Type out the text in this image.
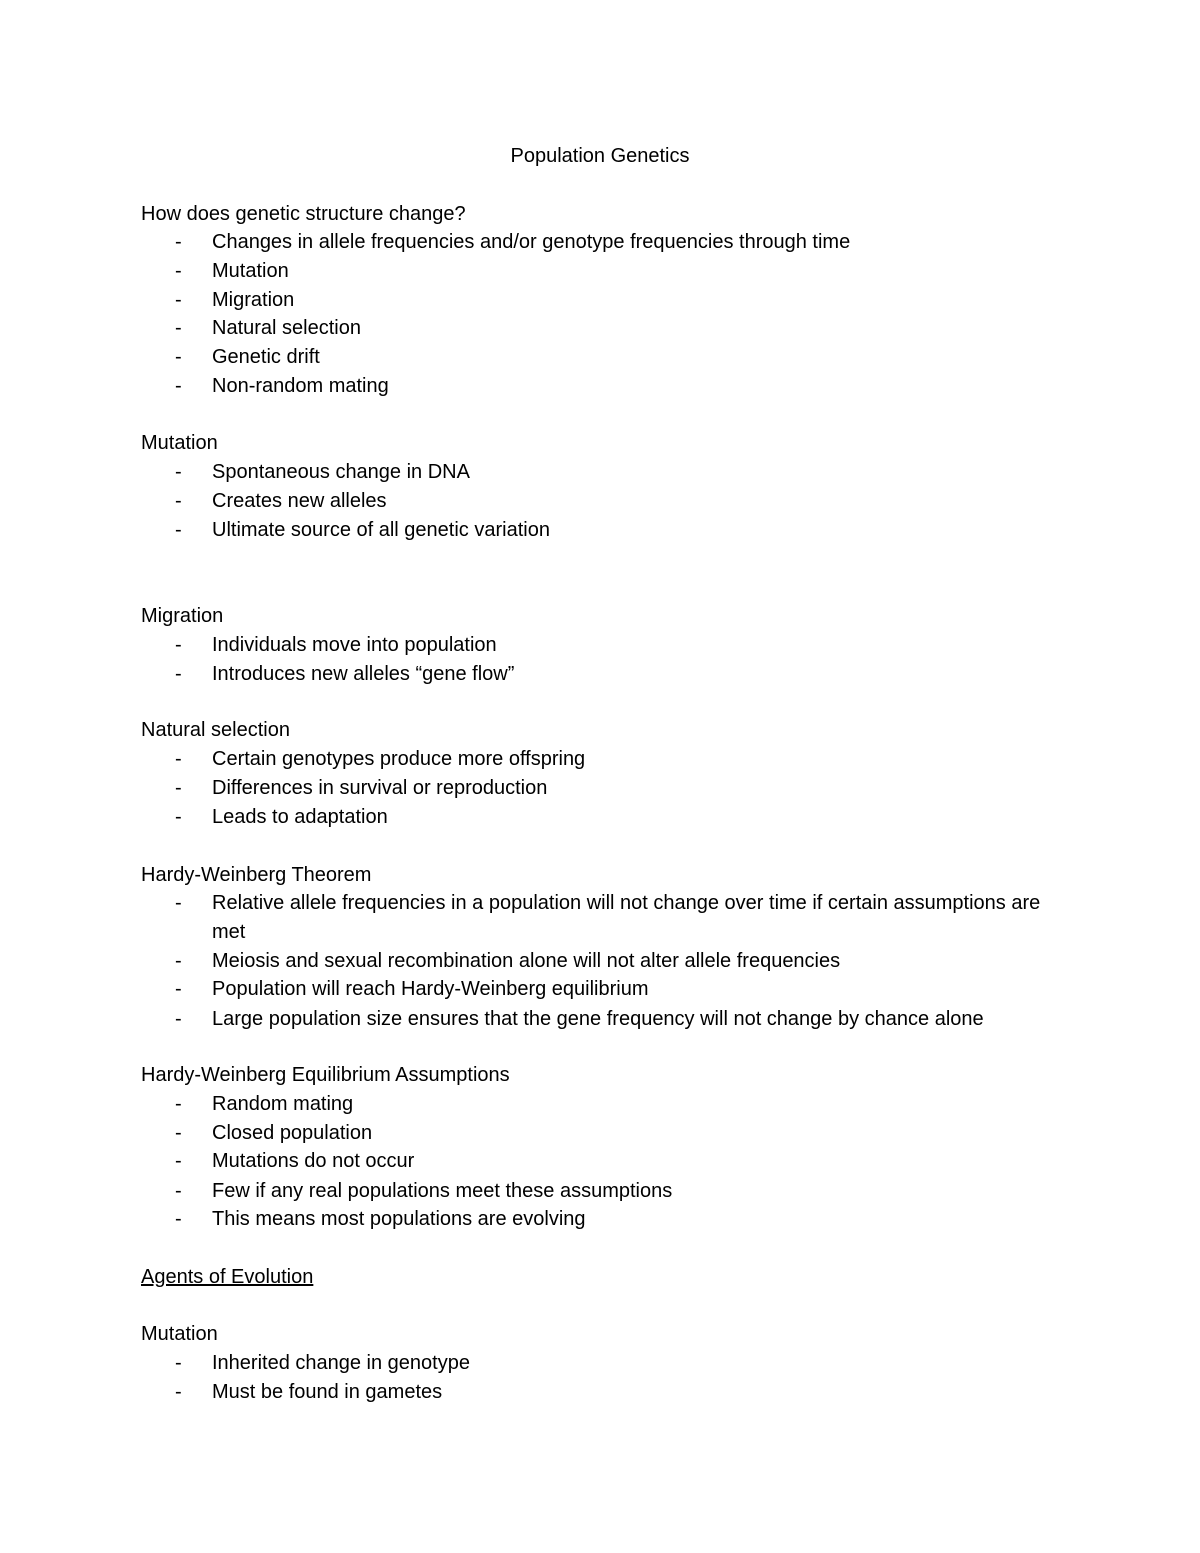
Population Genetics
How does genetic structure change?
- Changes in allele frequencies and/or genotype frequencies through time
- Mutation
- Migration
- Natural selection
- Genetic drift
- Non-random mating
Mutation
- Spontaneous change in DNA
- Creates new alleles
- Ultimate source of all genetic variation
Migration
- Individuals move into population
- Introduces new alleles “gene flow”
Natural selection
- Certain genotypes produce more offspring
- Differences in survival or reproduction
- Leads to adaptation
Hardy-Weinberg Theorem
- Relative allele frequencies in a population will not change over time if certain assumptions are met
- Meiosis and sexual recombination alone will not alter allele frequencies
- Population will reach Hardy-Weinberg equilibrium
- Large population size ensures that the gene frequency will not change by chance alone
Hardy-Weinberg Equilibrium Assumptions
- Random mating
- Closed population
- Mutations do not occur
- Few if any real populations meet these assumptions
- This means most populations are evolving
Agents of Evolution
Mutation
- Inherited change in genotype
- Must be found in gametes
